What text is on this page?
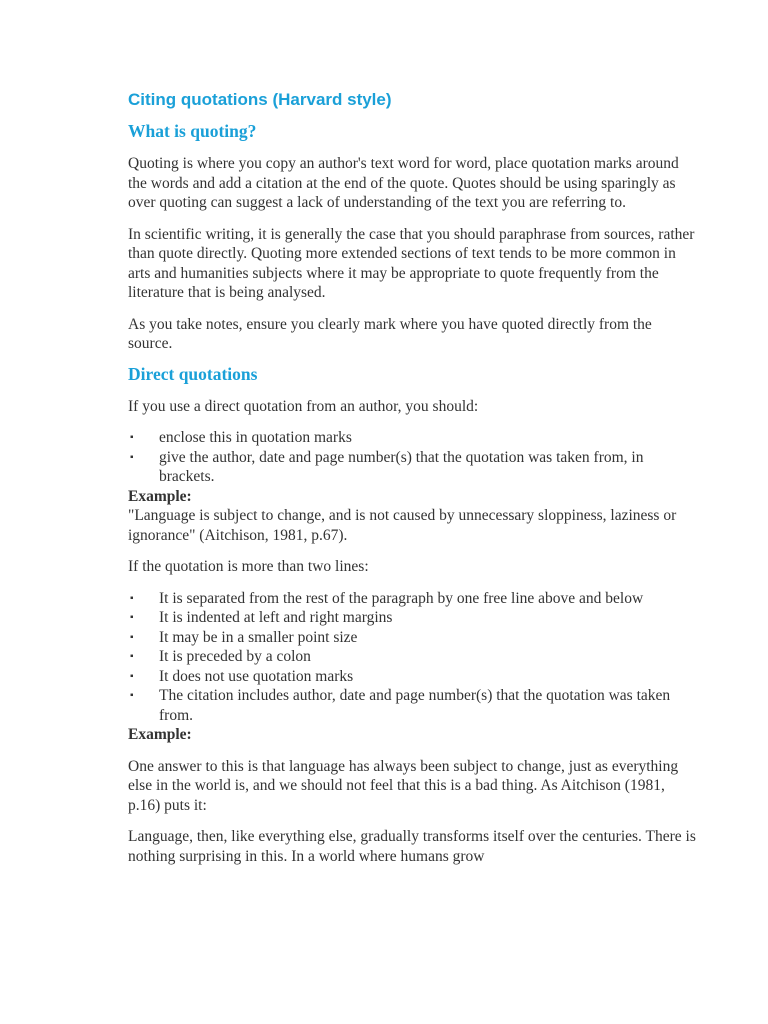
Citing quotations (Harvard style)
What is quoting?

Quoting is where you copy an author's text word for word, place quotation marks around the words and add a citation at the end of the quote. Quotes should be using sparingly as over quoting can suggest a lack of understanding of the text you are referring to.

In scientific writing, it is generally the case that you should paraphrase from sources, rather than quote directly. Quoting more extended sections of text tends to be more common in arts and humanities subjects where it may be appropriate to quote frequently from the literature that is being analysed.

As you take notes, ensure you clearly mark where you have quoted directly from the source.

Direct quotations

If you use a direct quotation from an author, you should:

▪ enclose this in quotation marks
▪ give the author, date and page number(s) that the quotation was taken from, in brackets.

Example:

"Language is subject to change, and is not caused by unnecessary sloppiness, laziness or ignorance" (Aitchison, 1981, p.67).

If the quotation is more than two lines:

▪ It is separated from the rest of the paragraph by one free line above and below
▪ It is indented at left and right margins
▪ It may be in a smaller point size
▪ It is preceded by a colon
▪ It does not use quotation marks
▪ The citation includes author, date and page number(s) that the quotation was taken from.

Example:

One answer to this is that language has always been subject to change, just as everything else in the world is, and we should not feel that this is a bad thing. As Aitchison (1981, p.16) puts it:

Language, then, like everything else, gradually transforms itself over the centuries. There is nothing surprising in this. In a world where humans grow
